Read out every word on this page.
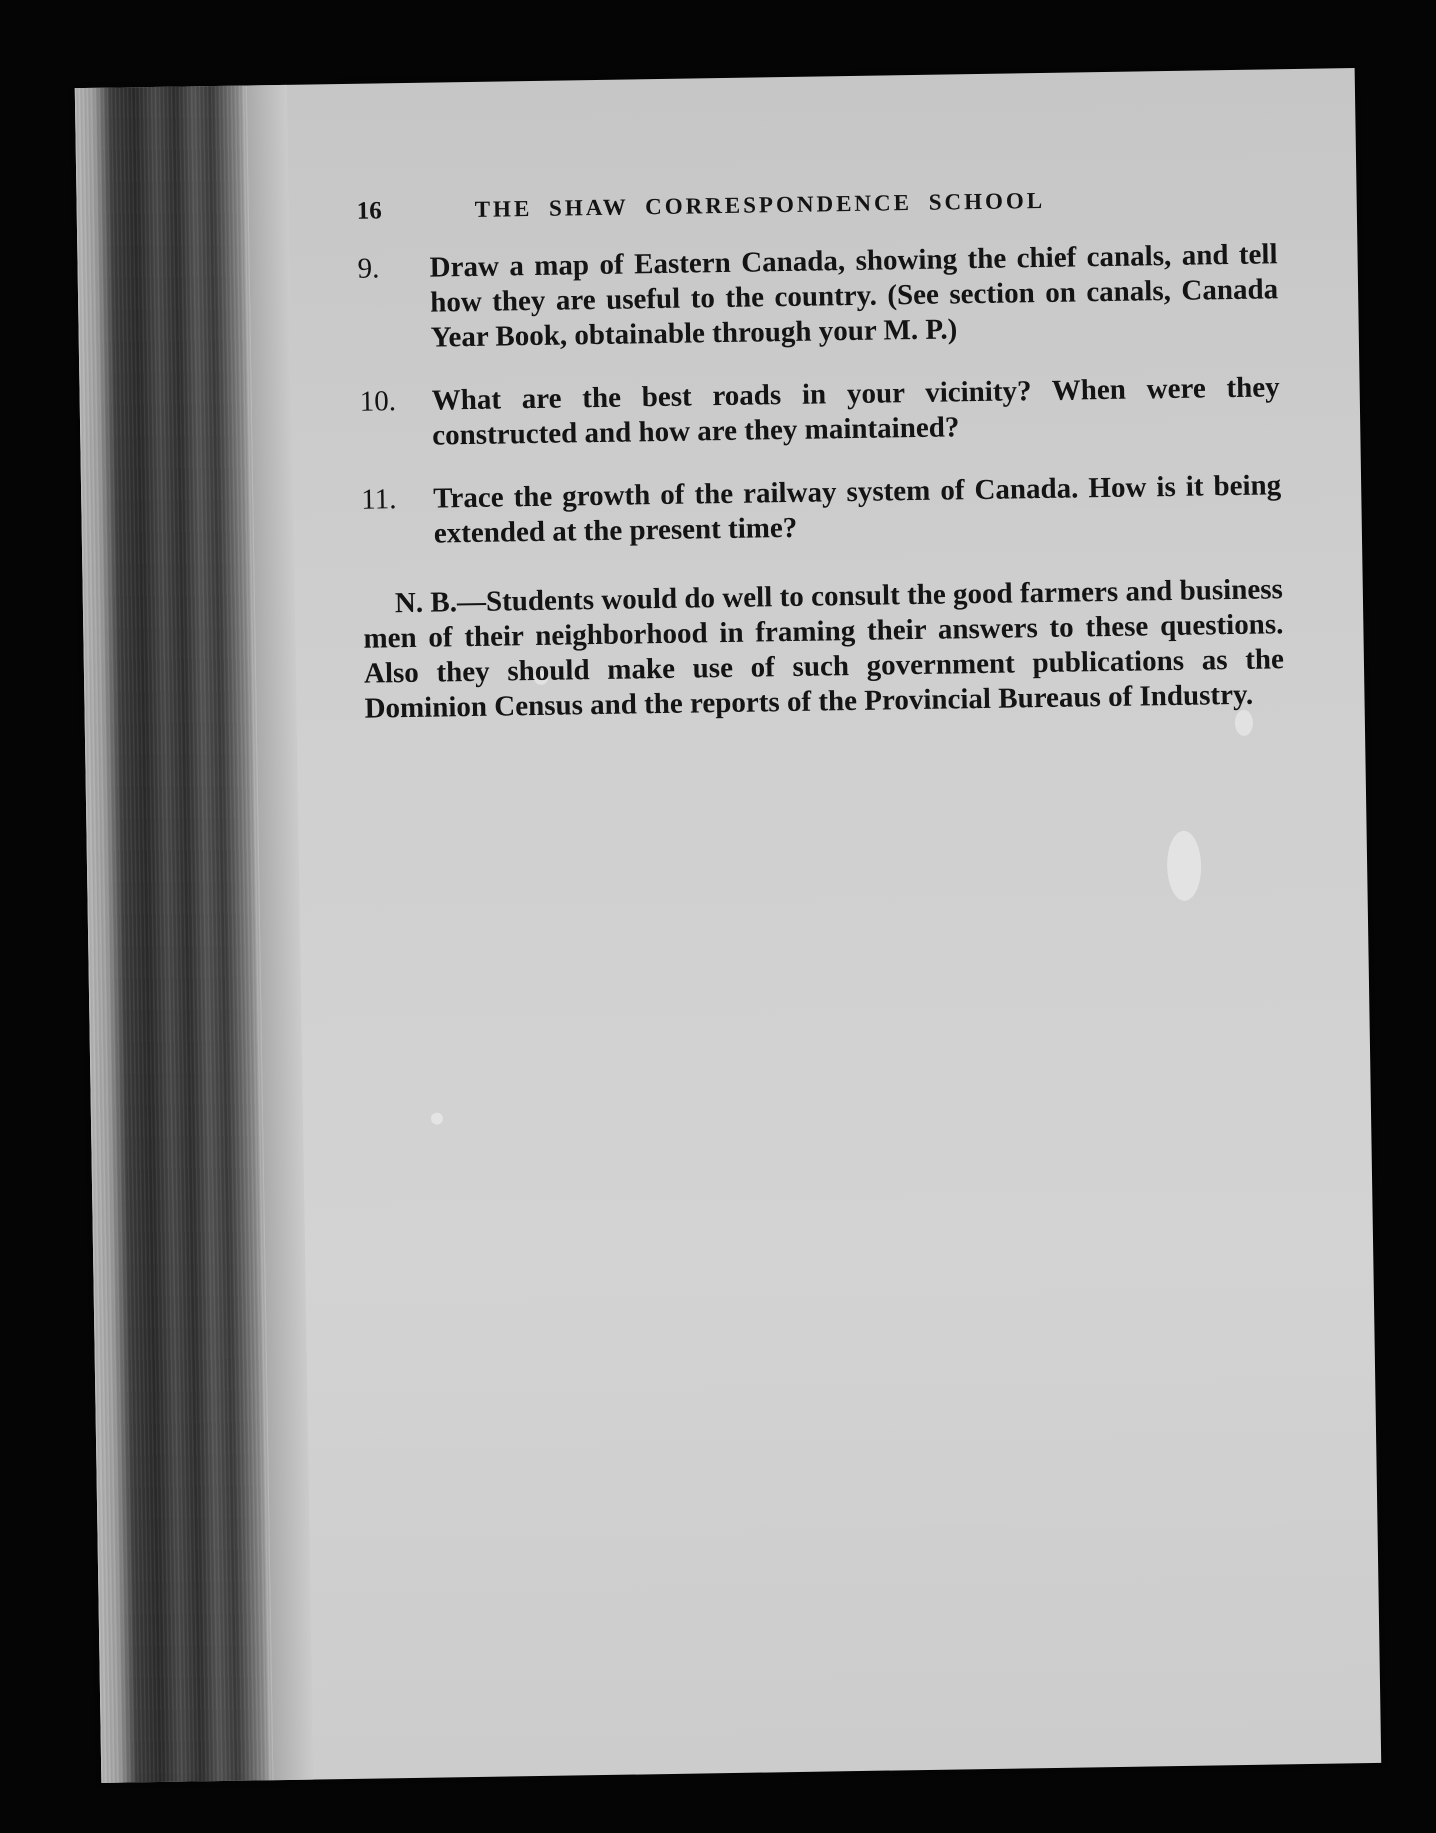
16	THE SHAW CORRESPONDENCE SCHOOL
9.	Draw a map of Eastern Canada, showing the chief canals, and tell how they are useful to the country. (See section on canals, Canada Year Book, obtainable through your M. P.)
10.	What are the best roads in your vicinity? When were they constructed and how are they maintained?
11.	Trace the growth of the railway system of Canada. How is it being extended at the present time?

N. B.—Students would do well to consult the good farmers and business men of their neighborhood in framing their answers to these questions. Also they should make use of such government publications as the Dominion Census and the reports of the Provincial Bureaus of Industry.
